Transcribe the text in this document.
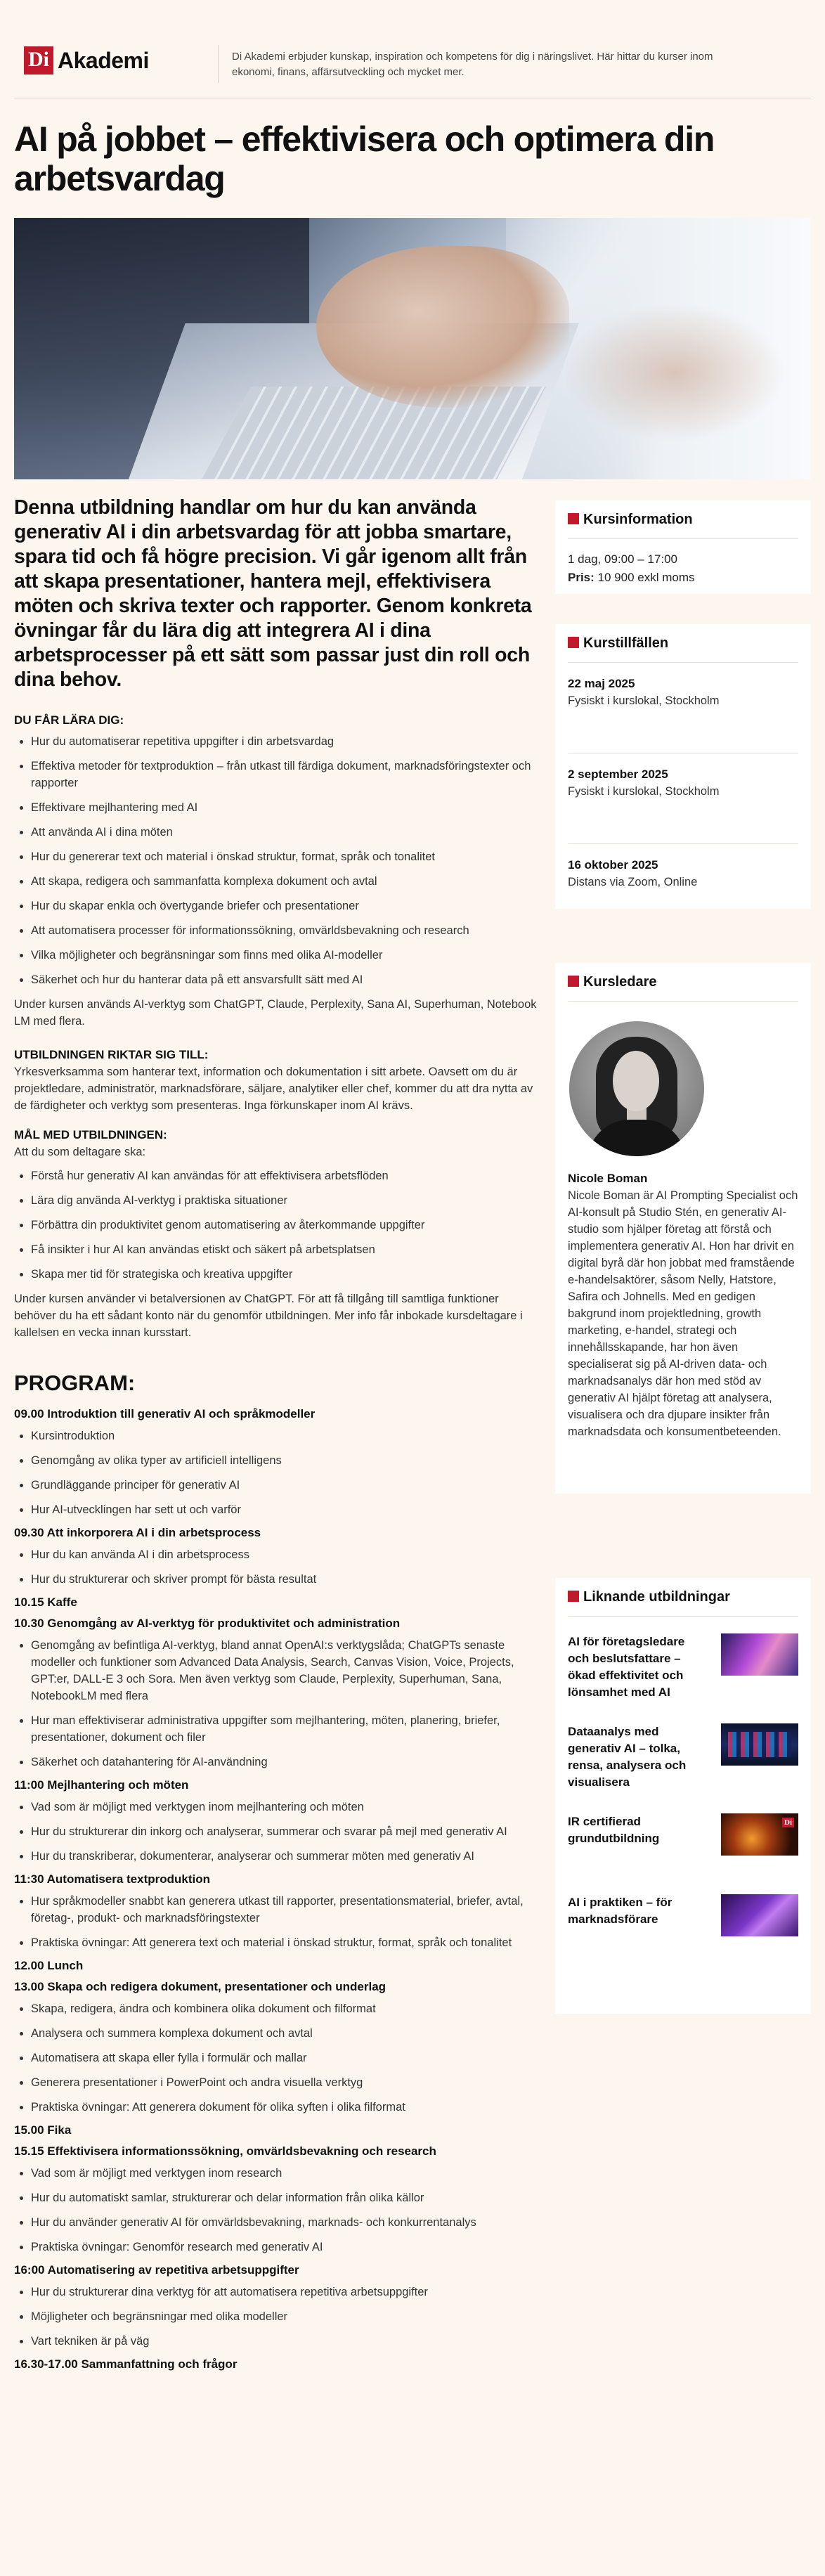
Di Akademi	Di Akademi erbjuder kunskap, inspiration och kompetens för dig i näringslivet. Här hittar du kurser inom ekonomi, finans, affärsutveckling och mycket mer.
AI på jobbet – effektivisera och optimera din arbetsvardag

Denna utbildning handlar om hur du kan använda generativ AI i din arbetsvardag för att jobba smartare, spara tid och få högre precision. Vi går igenom allt från att skapa presentationer, hantera mejl, effektivisera möten och skriva texter och rapporter. Genom konkreta övningar får du lära dig att integrera AI i dina arbetsprocesser på ett sätt som passar just din roll och dina behov.

DU FÅR LÄRA DIG:
Hur du automatiserar repetitiva uppgifter i din arbetsvardag
Effektiva metoder för textproduktion – från utkast till färdiga dokument, marknadsföringstexter och rapporter
Effektivare mejlhantering med AI
Att använda AI i dina möten
Hur du genererar text och material i önskad struktur, format, språk och tonalitet
Att skapa, redigera och sammanfatta komplexa dokument och avtal
Hur du skapar enkla och övertygande briefer och presentationer
Att automatisera processer för informationssökning, omvärldsbevakning och research
Vilka möjligheter och begränsningar som finns med olika AI-modeller
Säkerhet och hur du hanterar data på ett ansvarsfullt sätt med AI

Under kursen används AI-verktyg som ChatGPT, Claude, Perplexity, Sana AI, Superhuman, Notebook LM med flera.

UTBILDNINGEN RIKTAR SIG TILL:

Yrkesverksamma som hanterar text, information och dokumentation i sitt arbete. Oavsett om du är projektledare, administratör, marknadsförare, säljare, analytiker eller chef, kommer du att dra nytta av de färdigheter och verktyg som presenteras. Inga förkunskaper inom AI krävs.

MÅL MED UTBILDNINGEN:

Att du som deltagare ska:

Förstå hur generativ AI kan användas för att effektivisera arbetsflöden
Lära dig använda AI-verktyg i praktiska situationer
Förbättra din produktivitet genom automatisering av återkommande uppgifter
Få insikter i hur AI kan användas etiskt och säkert på arbetsplatsen
Skapa mer tid för strategiska och kreativa uppgifter

Under kursen använder vi betalversionen av ChatGPT. För att få tillgång till samtliga funktioner behöver du ha ett sådant konto när du genomför utbildningen. Mer info får inbokade kursdeltagare i kallelsen en vecka innan kursstart.

PROGRAM:
09.00 Introduktion till generativ AI och språkmodeller
Kursintroduktion
Genomgång av olika typer av artificiell intelligens
Grundläggande principer för generativ AI
Hur AI-utvecklingen har sett ut och varför
09.30 Att inkorporera AI i din arbetsprocess
Hur du kan använda AI i din arbetsprocess
Hur du strukturerar och skriver prompt för bästa resultat
10.15 Kaffe
10.30 Genomgång av AI-verktyg för produktivitet och administration
Genomgång av befintliga AI-verktyg, bland annat OpenAI:s verktygslåda; ChatGPTs senaste modeller och funktioner som Advanced Data Analysis, Search, Canvas Vision, Voice, Projects, GPT:er, DALL-E 3 och Sora. Men även verktyg som Claude, Perplexity, Superhuman, Sana, NotebookLM med flera
Hur man effektiviserar administrativa uppgifter som mejlhantering, möten, planering, briefer, presentationer, dokument och filer
Säkerhet och datahantering för AI-användning
11:00 Mejlhantering och möten
Vad som är möjligt med verktygen inom mejlhantering och möten
Hur du strukturerar din inkorg och analyserar, summerar och svarar på mejl med generativ AI
Hur du transkriberar, dokumenterar, analyserar och summerar möten med generativ AI
11:30 Automatisera textproduktion
Hur språkmodeller snabbt kan generera utkast till rapporter, presentationsmaterial, briefer, avtal, företag-, produkt- och marknadsföringstexter
Praktiska övningar: Att generera text och material i önskad struktur, format, språk och tonalitet
12.00 Lunch
13.00 Skapa och redigera dokument, presentationer och underlag
Skapa, redigera, ändra och kombinera olika dokument och filformat
Analysera och summera komplexa dokument och avtal
Automatisera att skapa eller fylla i formulär och mallar
Generera presentationer i PowerPoint och andra visuella verktyg
Praktiska övningar: Att generera dokument för olika syften i olika filformat
15.00 Fika
15.15 Effektivisera informationssökning, omvärldsbevakning och research
Vad som är möjligt med verktygen inom research
Hur du automatiskt samlar, strukturerar och delar information från olika källor
Hur du använder generativ AI för omvärldsbevakning, marknads- och konkurrentanalys
Praktiska övningar: Genomför research med generativ AI
16:00 Automatisering av repetitiva arbetsuppgifter
Hur du strukturerar dina verktyg för att automatisera repetitiva arbetsuppgifter
Möjligheter och begränsningar med olika modeller
Vart tekniken är på väg
16.30-17.00 Sammanfattning och frågor
Kursinformation
1 dag, 09:00 – 17:00
Pris: 10 900 exkl moms
Kurstillfällen
22 maj 2025
Fysiskt i kurslokal, Stockholm
2 september 2025
Fysiskt i kurslokal, Stockholm
16 oktober 2025
Distans via Zoom, Online
Kursledare
Nicole Boman
Nicole Boman är AI Prompting Specialist och AI-konsult på Studio Stén, en generativ AI-studio som hjälper företag att förstå och implementera generativ AI. Hon har drivit en digital byrå där hon jobbat med framstående e-handelsaktörer, såsom Nelly, Hatstore, Safira och Johnells. Med en gedigen bakgrund inom projektledning, growth marketing, e-handel, strategi och innehållsskapande, har hon även specialiserat sig på AI-driven data- och marknadsanalys där hon med stöd av generativ AI hjälpt företag att analysera, visualisera och dra djupare insikter från marknadsdata och konsumentbeteenden.
Liknande utbildningar
AI för företagsledare och beslutsfattare – ökad effektivitet och lönsamhet med AI
Dataanalys med generativ AI – tolka, rensa, analysera och visualisera
IR certifierad grundutbildning
Di
AI i praktiken – för marknadsförare
